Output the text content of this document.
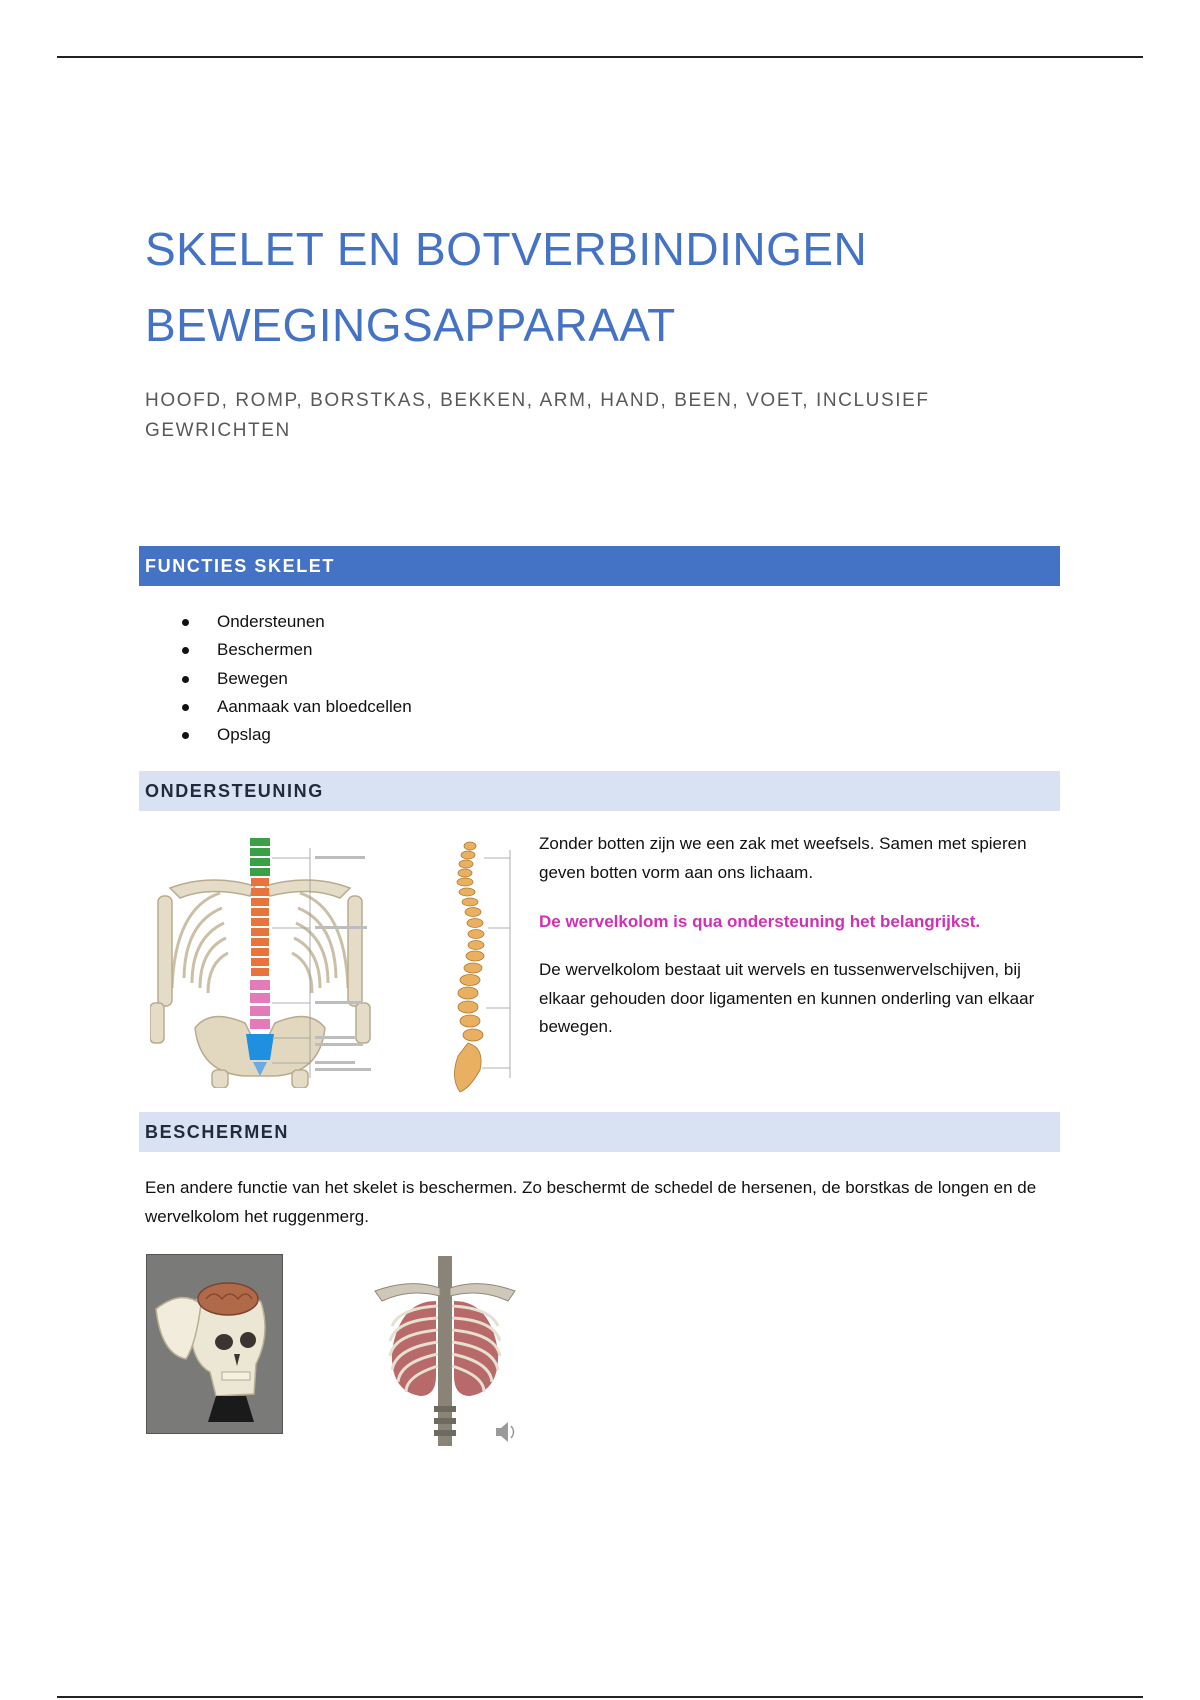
SKELET EN BOTVERBINDINGEN
BEWEGINGSAPPARAAT
HOOFD, ROMP, BORSTKAS, BEKKEN, ARM, HAND, BEEN, VOET, INCLUSIEF GEWRICHTEN
FUNCTIES SKELET
Ondersteunen
Beschermen
Bewegen
Aanmaak van bloedcellen
Opslag
ONDERSTEUNING
Zonder botten zijn we een zak met weefsels. Samen met spieren geven botten vorm aan ons lichaam.
De wervelkolom is qua ondersteuning het belangrijkst.
De wervelkolom bestaat uit wervels en tussenwervelschijven, bij elkaar gehouden door ligamenten en kunnen onderling van elkaar bewegen.
BESCHERMEN
Een andere functie van het skelet is beschermen. Zo beschermt de schedel de hersenen, de borstkas de longen en de wervelkolom het ruggenmerg.
